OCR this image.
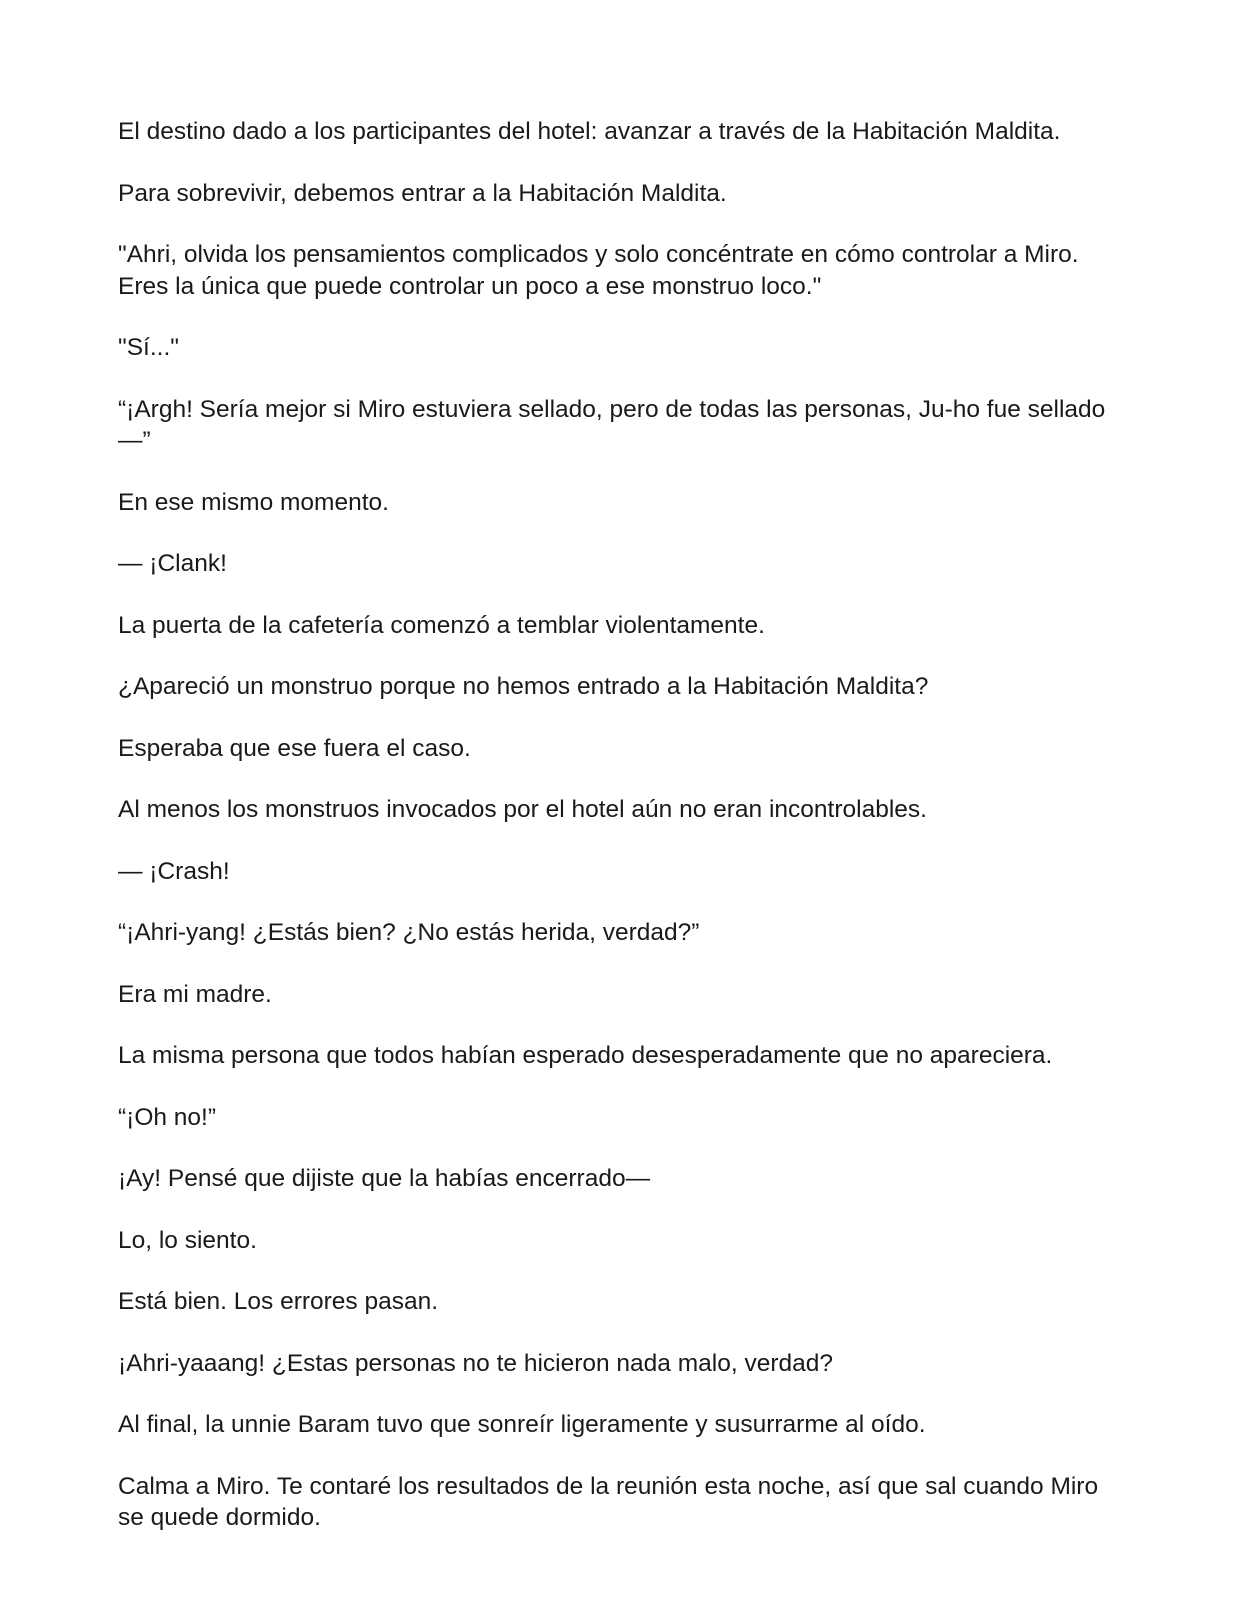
El destino dado a los participantes del hotel: avanzar a través de la Habitación Maldita.

Para sobrevivir, debemos entrar a la Habitación Maldita.

"Ahri, olvida los pensamientos complicados y solo concéntrate en cómo controlar a Miro. Eres la única que puede controlar un poco a ese monstruo loco."

"Sí..."

“¡Argh! Sería mejor si Miro estuviera sellado, pero de todas las personas, Ju-ho fue sellado—”

En ese mismo momento.

— ¡Clank!

La puerta de la cafetería comenzó a temblar violentamente.

¿Apareció un monstruo porque no hemos entrado a la Habitación Maldita?

Esperaba que ese fuera el caso.

Al menos los monstruos invocados por el hotel aún no eran incontrolables.

— ¡Crash!

“¡Ahri-yang! ¿Estás bien? ¿No estás herida, verdad?”

Era mi madre.

La misma persona que todos habían esperado desesperadamente que no apareciera.

“¡Oh no!”

¡Ay! Pensé que dijiste que la habías encerrado—

Lo, lo siento.

Está bien. Los errores pasan.

¡Ahri-yaaang! ¿Estas personas no te hicieron nada malo, verdad?

Al final, la unnie Baram tuvo que sonreír ligeramente y susurrarme al oído.

Calma a Miro. Te contaré los resultados de la reunión esta noche, así que sal cuando Miro se quede dormido.
